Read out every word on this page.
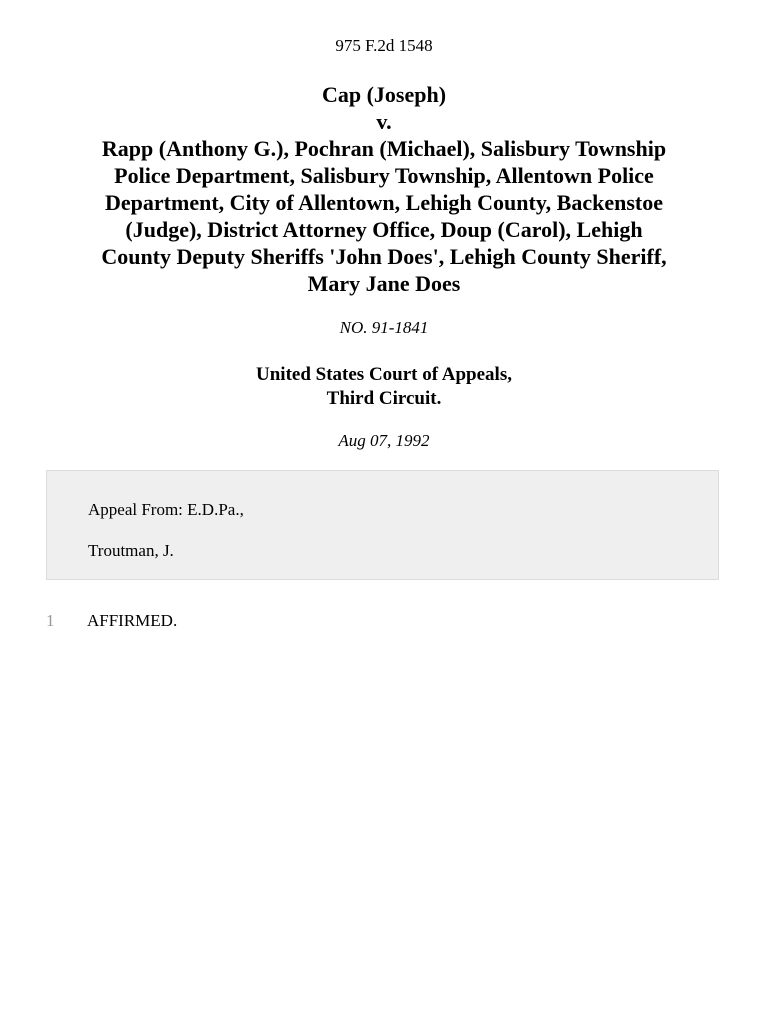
975 F.2d 1548
Cap (Joseph)
v.
Rapp (Anthony G.), Pochran (Michael), Salisbury Township
Police Department, Salisbury Township, Allentown Police
Department, City of Allentown, Lehigh County, Backenstoe
(Judge), District Attorney Office, Doup (Carol), Lehigh
County Deputy Sheriffs 'John Does', Lehigh County Sheriff,
Mary Jane Does
NO. 91-1841
United States Court of Appeals,
Third Circuit.
Aug 07, 1992
Appeal From: E.D.Pa.,
Troutman, J.
1 AFFIRMED.
